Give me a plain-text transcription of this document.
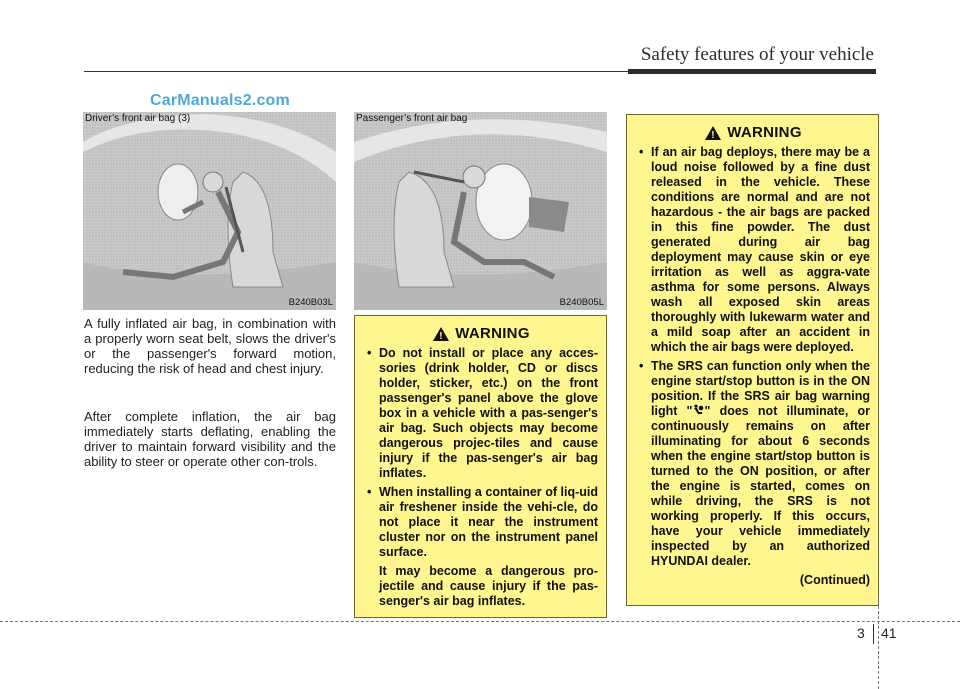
Safety features of your vehicle
CarManuals2.com
Driver’s front air bag (3)
B240B03L
Passenger’s front air bag
B240B05L
A fully inflated air bag, in combination with a properly worn seat belt, slows the driver's or the passenger's forward motion, reducing the risk of head and chest injury.
After complete inflation, the air bag immediately starts deflating, enabling the driver to maintain forward visibility and the ability to steer or operate other con-trols.
!
WARNING
• Do not install or place any acces-sories (drink holder, CD or discs holder, sticker, etc.) on the front passenger's panel above the glove box in a vehicle with a pas-senger's air bag. Such objects may become dangerous projec-tiles and cause injury if the pas-senger's air bag inflates.
• When installing a container of liq-uid air freshener inside the vehi-cle, do not place it near the instrument cluster nor on the instrument panel surface.
It may become a dangerous pro-jectile and cause injury if the pas-senger's air bag inflates.
!
WARNING
• If an air bag deploys, there may be a loud noise followed by a fine dust released in the vehicle. These conditions are normal and are not hazardous - the air bags are packed in this fine powder. The dust generated during air bag deployment may cause skin or eye irritation as well as aggra-vate asthma for some persons. Always wash all exposed skin areas thoroughly with lukewarm water and a mild soap after an accident in which the air bags were deployed.
• The SRS can function only when the engine start/stop button is in the ON position. If the SRS air bag warning light " " does not illuminate, or continuously remains on after illuminating for about 6 seconds when the engine start/stop button is turned to the ON position, or after the engine is started, comes on while driving, the SRS is not working properly. If this occurs, have your vehicle immediately inspected by an authorized HYUNDAI dealer.
(Continued)
3 41
